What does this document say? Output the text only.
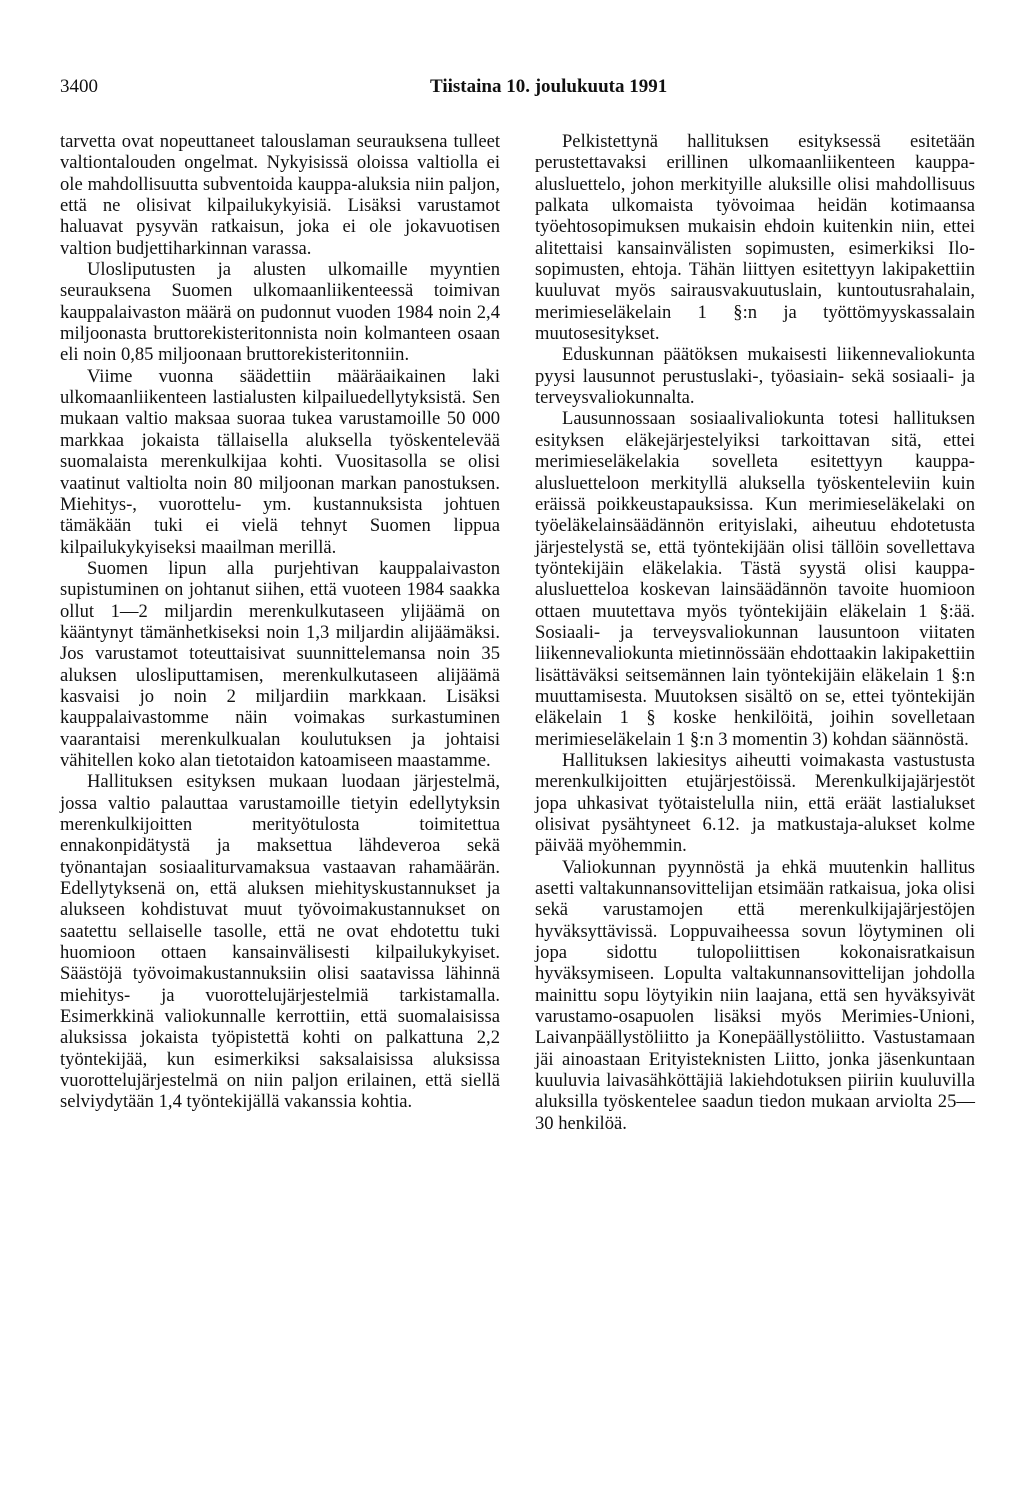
3400	Tiistaina 10. joulukuuta 1991

tarvetta ovat nopeuttaneet talouslaman seurauksena tulleet valtiontalouden ongelmat. Nykyisissä oloissa valtiolla ei ole mahdollisuutta subventoida kauppa-aluksia niin paljon, että ne olisivat kilpailukykyisiä. Lisäksi varustamot haluavat pysyvän ratkaisun, joka ei ole jokavuotisen valtion budjettiharkinnan varassa.

Ulosliputusten ja alusten ulkomaille myyntien seurauksena Suomen ulkomaanliikenteessä toimivan kauppalaivaston määrä on pudonnut vuoden 1984 noin 2,4 miljoonasta bruttorekisteritonnista noin kolmanteen osaan eli noin 0,85 miljoonaan bruttorekisteritonniin.

Viime vuonna säädettiin määräaikainen laki ulkomaanliikenteen lastialusten kilpailuedellytyksistä. Sen mukaan valtio maksaa suoraa tukea varustamoille 50 000 markkaa jokaista tällaisella aluksella työskentelevää suomalaista merenkulkijaa kohti. Vuositasolla se olisi vaatinut valtiolta noin 80 miljoonan markan panostuksen. Miehitys-, vuorottelu- ym. kustannuksista johtuen tämäkään tuki ei vielä tehnyt Suomen lippua kilpailukykyiseksi maailman merillä.

Suomen lipun alla purjehtivan kauppalaivaston supistuminen on johtanut siihen, että vuoteen 1984 saakka ollut 1—2 miljardin merenkulkutaseen ylijäämä on kääntynyt tämänhetkiseksi noin 1,3 miljardin alijäämäksi. Jos varustamot toteuttaisivat suunnittelemansa noin 35 aluksen ulosliputtamisen, merenkulkutaseen alijäämä kasvaisi jo noin 2 miljardiin markkaan. Lisäksi kauppalaivastomme näin voimakas surkastuminen vaarantaisi merenkulkualan koulutuksen ja johtaisi vähitellen koko alan tietotaidon katoamiseen maastamme.

Hallituksen esityksen mukaan luodaan järjestelmä, jossa valtio palauttaa varustamoille tietyin edellytyksin merenkulkijoitten merityötulosta toimitettua ennakonpidätystä ja maksettua lähdeveroa sekä työnantajan sosiaaliturvamaksua vastaavan rahamäärän. Edellytyksenä on, että aluksen miehityskustannukset ja alukseen kohdistuvat muut työvoimakustannukset on saatettu sellaiselle tasolle, että ne ovat ehdotettu tuki huomioon ottaen kansainvälisesti kilpailukykyiset. Säästöjä työvoimakustannuksiin olisi saatavissa lähinnä miehitys- ja vuorottelujärjestelmiä tarkistamalla. Esimerkkinä valiokunnalle kerrottiin, että suomalaisissa aluksissa jokaista työpistettä kohti on palkattuna 2,2 työntekijää, kun esimerkiksi saksalaisissa aluksissa vuorottelujärjestelmä on niin paljon erilainen, että siellä selviydytään 1,4 työntekijällä vakanssia kohtia.

Pelkistettynä hallituksen esityksessä esitetään perustettavaksi erillinen ulkomaanliikenteen kauppa-alusluettelo, johon merkityille aluksille olisi mahdollisuus palkata ulkomaista työvoimaa heidän kotimaansa työehtosopimuksen mukaisin ehdoin kuitenkin niin, ettei alitettaisi kansainvälisten sopimusten, esimerkiksi Ilo-sopimusten, ehtoja. Tähän liittyen esitettyyn lakipakettiin kuuluvat myös sairausvakuutuslain, kuntoutusrahalain, merimieseläkelain 1 §:n ja työttömyyskassalain muutosesitykset.

Eduskunnan päätöksen mukaisesti liikennevaliokunta pyysi lausunnot perustuslaki-, työasiain- sekä sosiaali- ja terveysvaliokunnalta.

Lausunnossaan sosiaalivaliokunta totesi hallituksen esityksen eläkejärjestelyiksi tarkoittavan sitä, ettei merimieseläkelakia sovelleta esitettyyn kauppa-alusluetteloon merkityllä aluksella työskenteleviin kuin eräissä poikkeustapauksissa. Kun merimieseläkelaki on työeläkelainsäädännön erityislaki, aiheutuu ehdotetusta järjestelystä se, että työntekijään olisi tällöin sovellettava työntekijäin eläkelakia. Tästä syystä olisi kauppa-alusluetteloa koskevan lainsäädännön tavoite huomioon ottaen muutettava myös työntekijäin eläkelain 1 §:ää. Sosiaali- ja terveysvaliokunnan lausuntoon viitaten liikennevaliokunta mietinnössään ehdottaakin lakipakettiin lisättäväksi seitsemännen lain työntekijäin eläkelain 1 §:n muuttamisesta. Muutoksen sisältö on se, ettei työntekijän eläkelain 1 § koske henkilöitä, joihin sovelletaan merimieseläkelain 1 §:n 3 momentin 3) kohdan säännöstä.

Hallituksen lakiesitys aiheutti voimakasta vastustusta merenkulkijoitten etujärjestöissä. Merenkulkijajärjestöt jopa uhkasivat työtaistelulla niin, että eräät lastialukset olisivat pysähtyneet 6.12. ja matkustaja-alukset kolme päivää myöhemmin.

Valiokunnan pyynnöstä ja ehkä muutenkin hallitus asetti valtakunnansovittelijan etsimään ratkaisua, joka olisi sekä varustamojen että merenkulkijajärjestöjen hyväksyttävissä. Loppuvaiheessa sovun löytyminen oli jopa sidottu tulopoliittisen kokonaisratkaisun hyväksymiseen. Lopulta valtakunnansovittelijan johdolla mainittu sopu löytyikin niin laajana, että sen hyväksyivät varustamo-osapuolen lisäksi myös Merimies-Unioni, Laivanpäällystöliitto ja Konepäällystöliitto. Vastustamaan jäi ainoastaan Erityisteknisten Liitto, jonka jäsenkuntaan kuuluvia laivasähköttäjiä lakiehdotuksen piiriin kuuluvilla aluksilla työskentelee saadun tiedon mukaan arviolta 25—30 henkilöä.
